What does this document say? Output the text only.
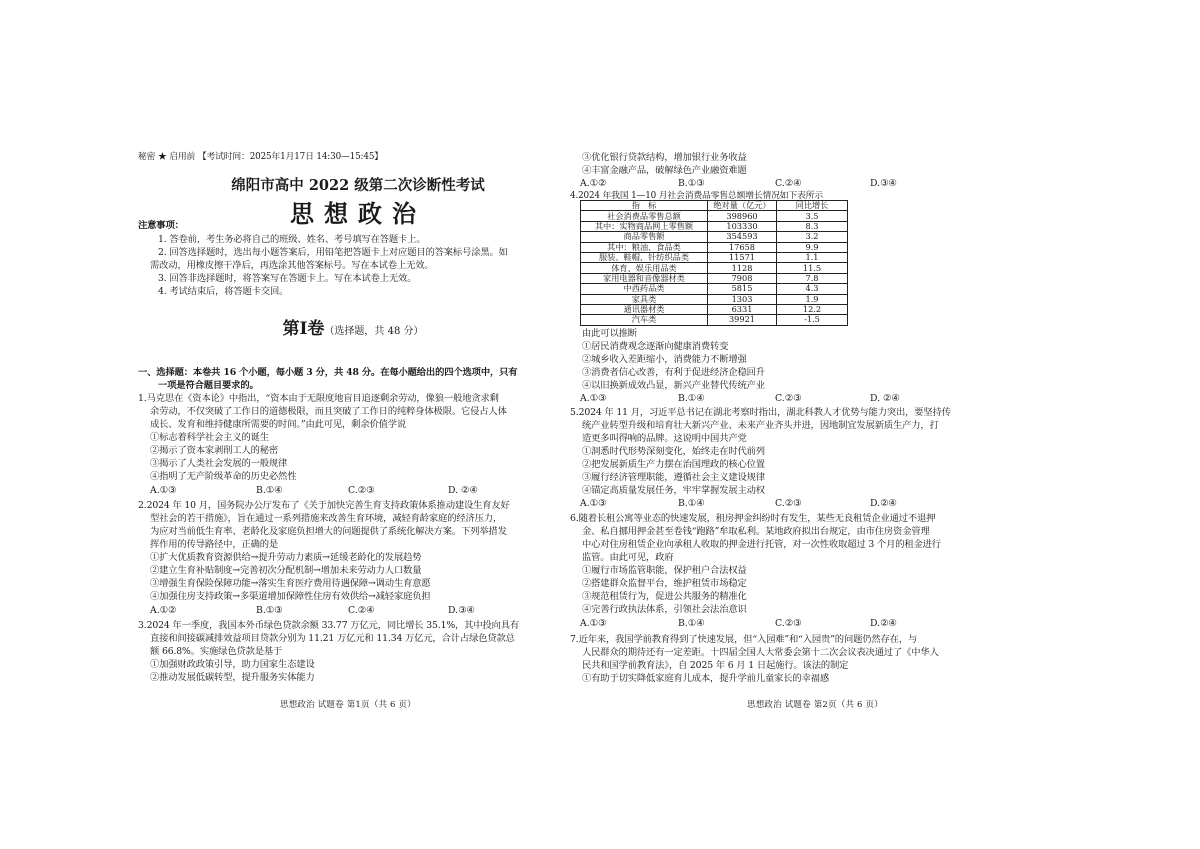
秘密 ★ 启用前 【考试时间：2025年1月17日 14:30—15:45】
绵阳市高中 2022 级第二次诊断性考试
思想政治
注意事项：
1. 答卷前，考生务必将自己的班级、姓名、考号填写在答题卡上。
2. 回答选择题时，选出每小题答案后，用铅笔把答题卡上对应题目的答案标号涂黑。如
需改动，用橡皮擦干净后，再选涂其他答案标号。写在本试卷上无效。
3. 回答非选择题时，将答案写在答题卡上。写在本试卷上无效。
4. 考试结束后，将答题卡交回。
第Ⅰ卷（选择题，共 48 分）
一、选择题：本卷共 16 个小题，每小题 3 分，共 48 分。在每小题给出的四个选项中，只有
一项是符合题目要求的。
1.马克思在《资本论》中指出，“资本由于无限度地盲目追逐剩余劳动，像狼一般地贪求剩
余劳动，不仅突破了工作日的道德极限，而且突破了工作日的纯粹身体极限。它侵占人体
成长、发育和维持健康所需要的时间。”由此可见，剩余价值学说
①标志着科学社会主义的诞生
②揭示了资本家剥削工人的秘密
③揭示了人类社会发展的一般规律
④指明了无产阶级革命的历史必然性
A.①③	B.①④	C.②③	D. ②④
2.2024 年 10 月，国务院办公厅发布了《关于加快完善生育支持政策体系推动建设生育友好
型社会的若干措施》，旨在通过一系列措施来改善生育环境，减轻育龄家庭的经济压力，
为应对当前低生育率、老龄化及家庭负担增大的问题提供了系统化解决方案。下列举措发
挥作用的传导路径中，正确的是
①扩大优质教育资源供给→提升劳动力素质→延缓老龄化的发展趋势
②建立生育补贴制度→完善初次分配机制→增加未来劳动力人口数量
③增强生育保险保障功能→落实生育医疗费用待遇保障→调动生育意愿
④加强住房支持政策→多渠道增加保障性住房有效供给→减轻家庭负担
A.①②	B.①③	C.②④	D.③④
3.2024 年一季度，我国本外币绿色贷款余额 33.77 万亿元，同比增长 35.1%，其中投向具有
直接和间接碳减排效益项目贷款分别为 11.21 万亿元和 11.34 万亿元，合计占绿色贷款总
额 66.8%。实施绿色贷款是基于
①加强财政政策引导，助力国家生态建设
②推动发展低碳转型，提升服务实体能力
思想政治 试题卷 第1页（共 6 页）
③优化银行贷款结构，增加银行业务收益
④丰富金融产品，破解绿色产业融资难题
A.①②	B.①③	C.②④	D.③④
4.2024 年我国 1—10 月社会消费品零售总额增长情况如下表所示
指　标	绝对量（亿元）	同比增长
社会消费品零售总额	398960	3.5
其中：实物商品网上零售额	103330	8.3
商品零售额	354593	3.2
其中：粮油、食品类	17658	9.9
服装、鞋帽、针纺织品类	11571	1.1
体育、娱乐用品类	1128	11.5
家用电器和音像器材类	7908	7.8
中西药品类	5815	4.3
家具类	1303	1.9
通讯器材类	6331	12.2
汽车类	39921	-1.5
由此可以推断
①居民消费观念逐渐向健康消费转变
②城乡收入差距缩小，消费能力不断增强
③消费者信心改善，有利于促进经济企稳回升
④以旧换新成效凸显，新兴产业替代传统产业
A.①③	B.①④	C.②③	D. ②④
5.2024 年 11 月，习近平总书记在湖北考察时指出，湖北科教人才优势与能力突出，要坚持传
统产业转型升级和培育壮大新兴产业、未来产业齐头并进，因地制宜发展新质生产力，打
造更多叫得响的品牌。这说明中国共产党
①洞悉时代形势深刻变化，始终走在时代前列
②把发展新质生产力摆在治国理政的核心位置
③履行经济管理职能，遵循社会主义建设规律
④锚定高质量发展任务，牢牢掌握发展主动权
A.①③	B.①④	C.②③	D.②④
6.随着长租公寓等业态的快速发展，租房押金纠纷时有发生，某些无良租赁企业通过不退押
金、私自挪用押金甚至卷钱“跑路”牟取私利。某地政府拟出台规定，由市住房资金管理
中心对住房租赁企业向承租人收取的押金进行托管，对一次性收取超过 3 个月的租金进行
监管。由此可见，政府
①履行市场监管职能，保护租户合法权益
②搭建群众监督平台，维护租赁市场稳定
③规范租赁行为，促进公共服务的精准化
④完善行政执法体系，引领社会法治意识
A.①③	B.①④	C.②③	D.②④
7.近年来，我国学前教育得到了快速发展，但“入园难”和“入园贵”的问题仍然存在，与
人民群众的期待还有一定差距。十四届全国人大常委会第十二次会议表决通过了《中华人
民共和国学前教育法》，自 2025 年 6 月 1 日起施行。该法的制定
①有助于切实降低家庭育儿成本，提升学前儿童家长的幸福感
思想政治 试题卷 第2页（共 6 页）
